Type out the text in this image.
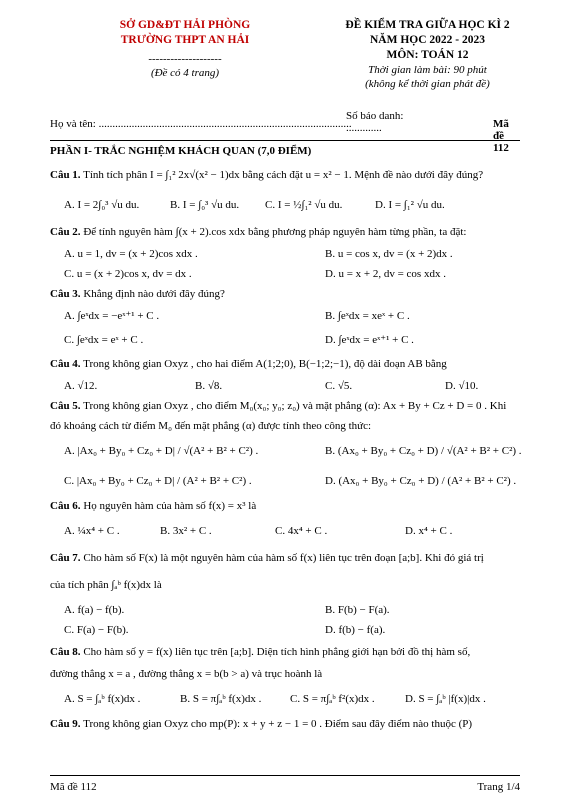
SỞ GD&ĐT HẢI PHÒNG
TRƯỜNG THPT AN HẢI
--------------------
(Đề có 4 trang)
ĐỀ KIỂM TRA GIỮA HỌC KÌ 2
NĂM HỌC 2022 - 2023
MÔN: TOÁN 12
Thời gian làm bài: 90 phút
(không kể thời gian phát đề)
Họ và tên: ............................................................................................
Số báo danh:
.............	Mã đề 112
PHẦN I- TRẮC NGHIỆM KHÁCH QUAN (7,0 ĐIỂM)
Câu 1. Tính tích phân I = ∫₁² 2x√(x² − 1)dx bằng cách đặt u = x² − 1. Mệnh đề nào dưới đây đúng?
A. I = 2∫₀³ √u du.	B. I = ∫₀³ √u du. C. I = ½∫₁² √u du.	D. I = ∫₁² √u du.
Câu 2. Để tính nguyên hàm ∫(x + 2).cos xdx bằng phương pháp nguyên hàm từng phần, ta đặt:
A. u = 1, dv = (x + 2)cos xdx .	B. u = cos x, dv = (x + 2)dx .
C. u = (x + 2)cos x, dv = dx .	D. u = x + 2, dv = cos xdx .
Câu 3. Khẳng định nào dưới đây đúng?
A. ∫eˣdx = −eˣ⁺¹ + C .	B. ∫eˣdx = xeˣ + C .
C. ∫eˣdx = eˣ + C .	D. ∫eˣdx = eˣ⁺¹ + C .
Câu 4. Trong không gian Oxyz , cho hai điểm A(1;2;0), B(−1;2;−1), độ dài đoạn AB bằng
A. √12.	B. √8.	C. √5.	D. √10.
Câu 5. Trong không gian Oxyz , cho điểm M₀(x₀; y₀; z₀) và mặt phẳng (α): Ax + By + Cz + D = 0 . Khi
đó khoảng cách từ điểm M₀ đến mặt phẳng (α) được tính theo công thức:
A. |Ax₀ + By₀ + Cz₀ + D| / √(A² + B² + C²) .	B. (Ax₀ + By₀ + Cz₀ + D) / √(A² + B² + C²) .
C. |Ax₀ + By₀ + Cz₀ + D| / (A² + B² + C²) .	D. (Ax₀ + By₀ + Cz₀ + D) / (A² + B² + C²) .
Câu 6. Họ nguyên hàm của hàm số f(x) = x³ là
A. ¼x⁴ + C .	B. 3x² + C .	C. 4x⁴ + C .	D. x⁴ + C .
Câu 7. Cho hàm số F(x) là một nguyên hàm của hàm số f(x) liên tục trên đoạn [a;b]. Khi đó giá trị
của tích phân ∫ₐᵇ f(x)dx là
A. f(a) − f(b).	B. F(b) − F(a).
C. F(a) − F(b).	D. f(b) − f(a).
Câu 8. Cho hàm số y = f(x) liên tục trên [a;b]. Diện tích hình phẳng giới hạn bởi đồ thị hàm số,
đường thẳng x = a , đường thẳng x = b(b > a) và trục hoành là
A. S = ∫ₐᵇ f(x)dx .	B. S = π∫ₐᵇ f(x)dx .	C. S = π∫ₐᵇ f²(x)dx .	D. S = ∫ₐᵇ |f(x)|dx .
Câu 9. Trong không gian Oxyz cho mp(P): x + y + z − 1 = 0 . Điểm sau đây điểm nào thuộc (P)
Mã đề 112	Trang 1/4
